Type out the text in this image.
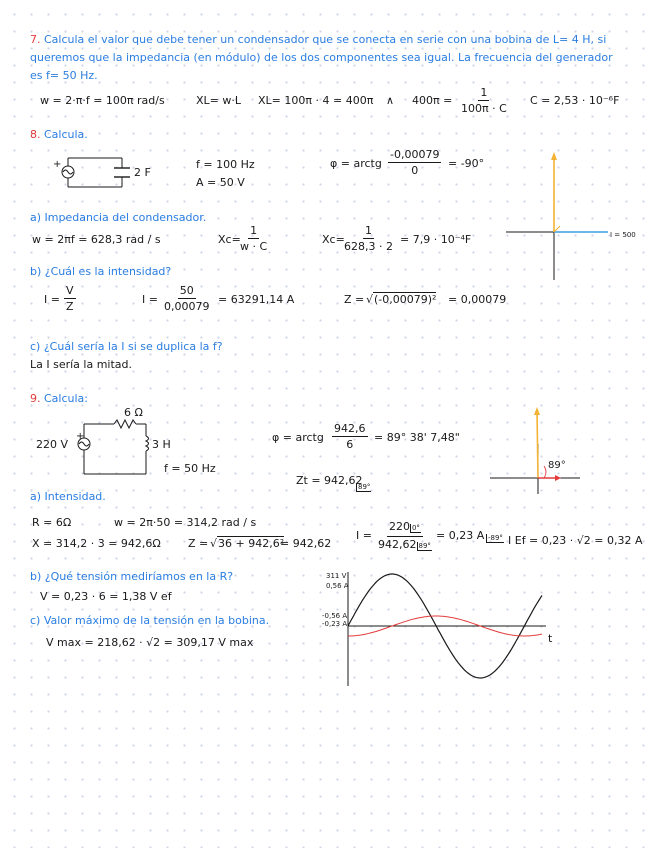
7. Calcula el valor que debe tener un condensador que se conecta en serie con una bobina de L= 4 H, si
queremos que la impedancia (en módulo) de los dos componentes sea igual. La frecuencia del generador
es f= 50 Hz.
w = 2·π·f = 100π rad/s	XL= w·L XL= 100π · 4 = 400π ∧ $400\pi = \frac{1}{100\pi \cdot C}$ C = 2,53 · 10⁻⁶F
8. Calcula.
+
2 F
f = 100 Hz
A = 50 V
φ = arctg $\frac{-0,00079}{0} = -90^\circ$
I = 500
a) Impedancia del condensador.
w = 2πf = 628,3 rad / s	$Xc= \frac{1}{w \cdot C}$	$Xc= \frac{1}{628,3 \cdot 2} = 7,9 \cdot 10^{-4}F$
b) ¿Cuál es la intensidad?
$I = \frac{V}{Z}$	$I = \frac{50}{0,00079} = 63291,14$ A	Z = √(-0,00079)² = 0,00079
c) ¿Cuál sería la I si se duplica la f?
La I sería la mitad.
9. Calcula:
6 Ω
220 V
+
3 H
f = 50 Hz
φ = arctg $\frac{942,6}{6} = 89^\circ$ 38' 7,48"
Zt = 942,62
89°
89°
a) Intensidad.
R = 6Ω	w = 2π·50 = 314,2 rad / s
X = 314,2 · 3 = 942,6Ω Z = √36 + 942,6²
= 942,62
$I = \frac{220 0^\circ}{942,62 89^\circ} = 0,23$ A -89° I Ef = 0,23 · √2 = 0,32 A
b) ¿Qué tensión mediríamos en la R?
V = 0,23 · 6 = 1,38 V ef
c) Valor máximo de la tensión en la bobina.
V max = 218,62 · √2 = 309,17 V max
311 V
0,56 A
-0,56 A
-0,23 A
t
